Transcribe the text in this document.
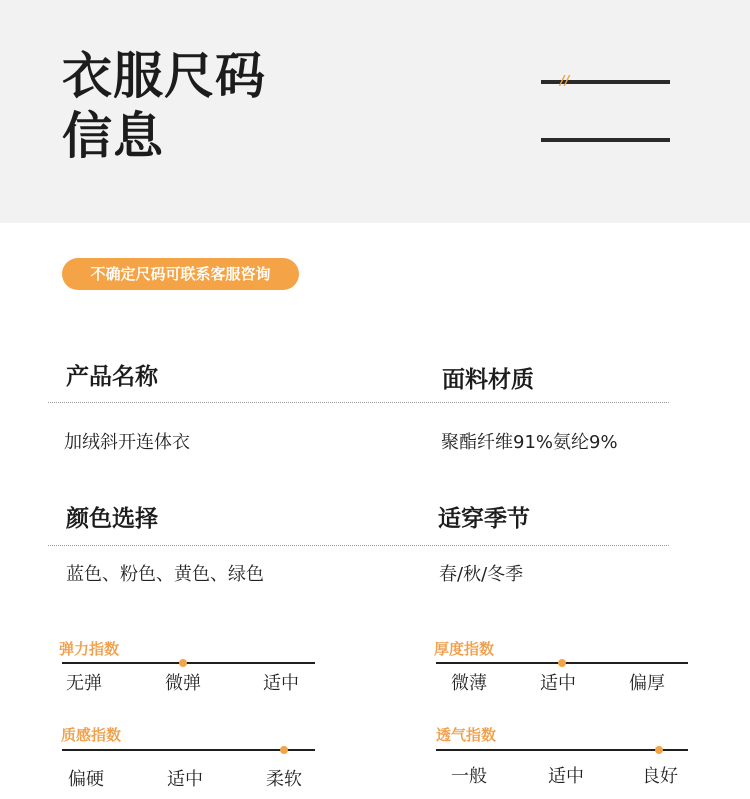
衣服尺码
信息
//
不确定尺码可联系客服咨询
产品名称	面料材质
加绒斜开连体衣	聚酯纤维91%氨纶9%
颜色选择	适穿季节
蓝色、粉色、黄色、绿色	春/秋/冬季
弹力指数
无弹	微弹	适中
厚度指数
微薄	适中	偏厚
质感指数
偏硬	适中	柔软
透气指数
一般	适中	良好
